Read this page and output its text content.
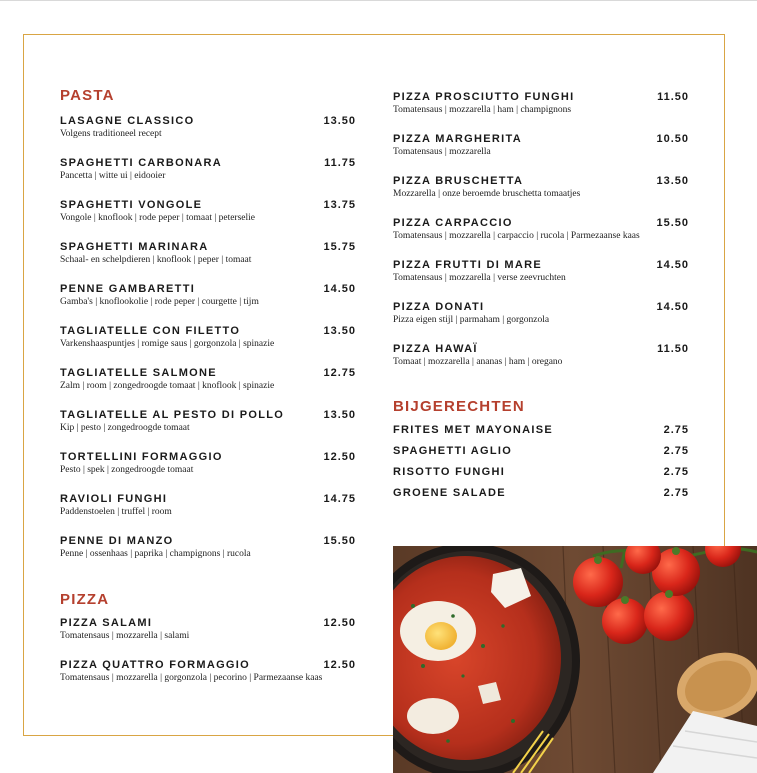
PASTA
LASAGNE CLASSICO	13.50
Volgens traditioneel recept
SPAGHETTI CARBONARA	11.75
Pancetta | witte ui | eidooier
SPAGHETTI VONGOLE	13.75
Vongole | knoflook | rode peper | tomaat | peterselie
SPAGHETTI MARINARA	15.75
Schaal- en schelpdieren | knoflook | peper | tomaat
PENNE GAMBARETTI	14.50
Gamba's | knoflookolie | rode peper | courgette | tijm
TAGLIATELLE CON FILETTO	13.50
Varkenshaaspuntjes | romige saus | gorgonzola | spinazie
TAGLIATELLE SALMONE	12.75
Zalm | room | zongedroogde tomaat | knoflook | spinazie
TAGLIATELLE AL PESTO DI POLLO	13.50
Kip | pesto | zongedroogde tomaat
TORTELLINI FORMAGGIO	12.50
Pesto | spek | zongedroogde tomaat
RAVIOLI FUNGHI	14.75
Paddenstoelen | truffel | room
PENNE DI MANZO	15.50
Penne | ossenhaas | paprika | champignons | rucola
PIZZA
PIZZA SALAMI	12.50
Tomatensaus | mozzarella | salami
PIZZA QUATTRO FORMAGGIO	12.50
Tomatensaus | mozzarella | gorgonzola | pecorino | Parmezaanse kaas
PIZZA PROSCIUTTO FUNGHI	11.50
Tomatensaus | mozzarella | ham | champignons
PIZZA MARGHERITA	10.50
Tomatensaus | mozzarella
PIZZA BRUSCHETTA	13.50
Mozzarella | onze beroemde bruschetta tomaatjes
PIZZA CARPACCIO	15.50
Tomatensaus | mozzarella | carpaccio | rucola | Parmezaanse kaas
PIZZA FRUTTI DI MARE	14.50
Tomatensaus | mozzarella | verse zeevruchten
PIZZA DONATI	14.50
Pizza eigen stijl | parmaham | gorgonzola
PIZZA HAWAÏ	11.50
Tomaat | mozzarella | ananas | ham | oregano
BIJGERECHTEN
FRITES MET MAYONAISE	2.75
SPAGHETTI AGLIO	2.75
RISOTTO FUNGHI	2.75
GROENE SALADE	2.75
